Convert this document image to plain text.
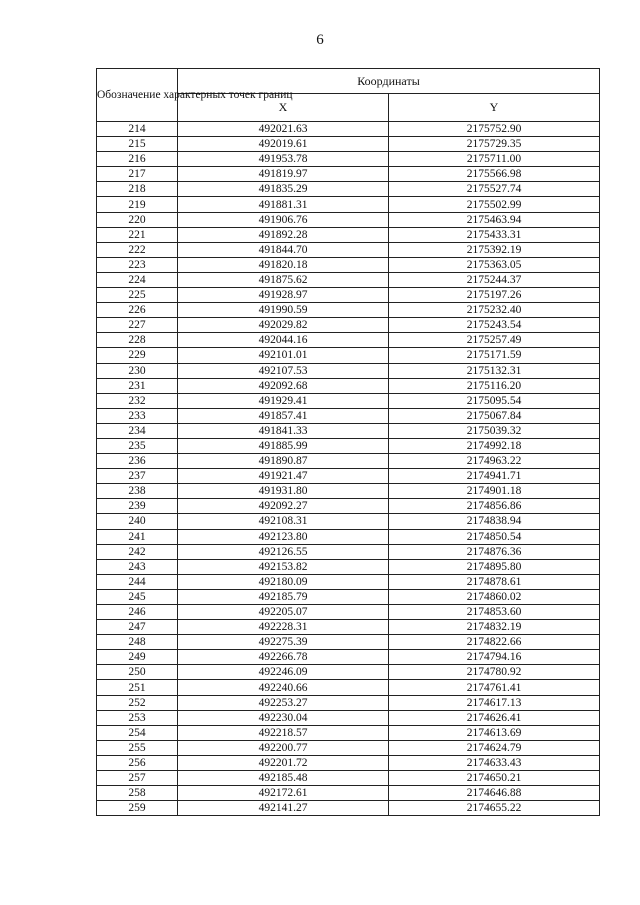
6
Обозначение характерных точек границ	Координаты	
	X	Y
214	492021.63	2175752.90
215	492019.61	2175729.35
216	491953.78	2175711.00
217	491819.97	2175566.98
218	491835.29	2175527.74
219	491881.31	2175502.99
220	491906.76	2175463.94
221	491892.28	2175433.31
222	491844.70	2175392.19
223	491820.18	2175363.05
224	491875.62	2175244.37
225	491928.97	2175197.26
226	491990.59	2175232.40
227	492029.82	2175243.54
228	492044.16	2175257.49
229	492101.01	2175171.59
230	492107.53	2175132.31
231	492092.68	2175116.20
232	491929.41	2175095.54
233	491857.41	2175067.84
234	491841.33	2175039.32
235	491885.99	2174992.18
236	491890.87	2174963.22
237	491921.47	2174941.71
238	491931.80	2174901.18
239	492092.27	2174856.86
240	492108.31	2174838.94
241	492123.80	2174850.54
242	492126.55	2174876.36
243	492153.82	2174895.80
244	492180.09	2174878.61
245	492185.79	2174860.02
246	492205.07	2174853.60
247	492228.31	2174832.19
248	492275.39	2174822.66
249	492266.78	2174794.16
250	492246.09	2174780.92
251	492240.66	2174761.41
252	492253.27	2174617.13
253	492230.04	2174626.41
254	492218.57	2174613.69
255	492200.77	2174624.79
256	492201.72	2174633.43
257	492185.48	2174650.21
258	492172.61	2174646.88
259	492141.27	2174655.22
